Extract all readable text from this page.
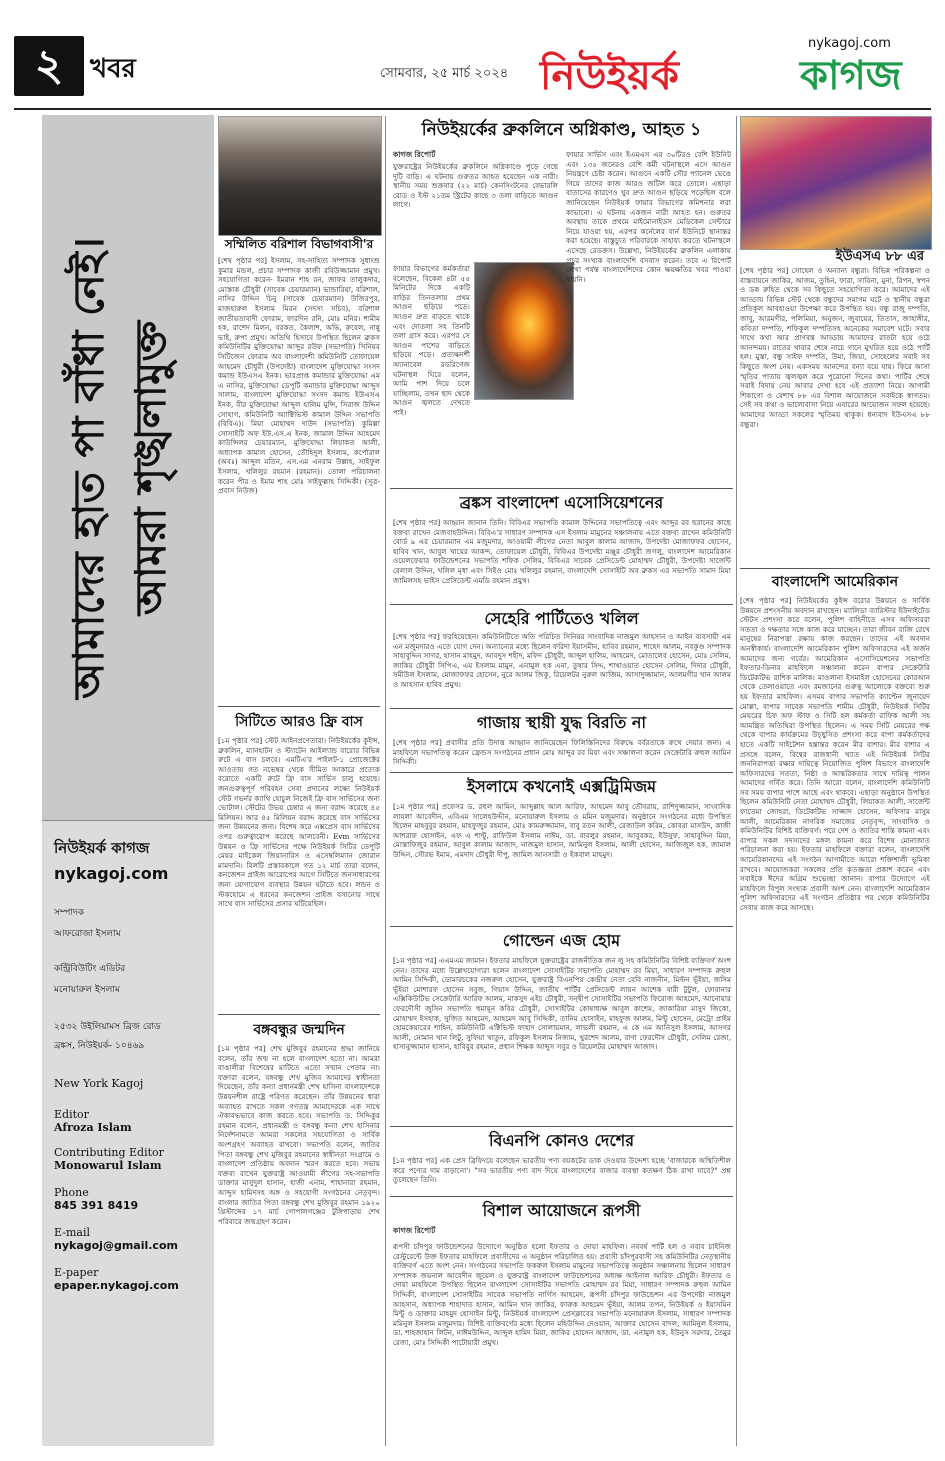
২	খবর	সোমবার, ২৫ মার্চ ২০২৪
nykagoj.com
নিউইয়র্ক	কাগজ
আমাদের হাত পা বাঁধা নেই। আমরা শৃঙ্খলামুক্ত
নিউইয়র্ক কাগজ
nykagoj.com
সম্পাদক
আফরোজা ইসলাম
কন্ট্রিবিউটিং এডিটর
মনোয়ারুল ইসলাম
২৫৩২ উইলিয়ামস ব্রিজ রোড
ব্রঙ্কস, নিউইয়র্ক- ১০৪৬৯
New York Kagoj
Editor
Afroza Islam
Contributing Editor
Monowarul Islam
Phone
845 391 8419
E-mail
nykagoj@gmail.com
E-paper
epaper.nykagoj.com
সম্মিলিত বরিশাল বিভাগবাসী'র

[শেষ পৃষ্ঠার পর] ইসলাম, সহ-সাহিত্য সম্পাদক সুধাংশু কুমার মন্ডল, প্রচার সম্পাদক কাজী রবিউজ্জামান প্রমুখ। সহযোগিতা করেন- ইমরান শাহ রন, জাফর তালুকদার, মোস্তাক চৌধুরী (সাবেক চেয়ারম্যান) ভান্ডারিয়া, বরিশাল, নাসির উদ্দিন চিনু (সাবেক চেয়ারম্যান) উজিরপুর, মাজহারুল ইসলাম মিরন (সদস্য সচিব), বরিশাল জাতীয়তাবাদী ফোরাম, ফারদিন রনি, মোঃ মনির। শামীম হক, রাশেদ মিলন, বরকত, কৈলাশ, অভি, রুবেল, নান্নু ভাই, রুপা প্রমুখ। অতিথি হিসাবে উপস্থিত ছিলেন ব্রুকস কমিউনিটির মুক্তিযোদ্ধা আব্দুর রউফ (সভাপতি) সিনিয়র সিটিজেন ফোরাম অব বাংলাদেশী কমিউনিটি তোফায়েল আহমেদ চৌধুরী (উপদেষ্টা) বাংলাদেশ মুক্তিযোদ্ধা সংসদ কমান্ড ইউএসএ ইনক। ভারপ্রাপ্ত কমান্ডার মুক্তিযোদ্ধা এম এ নাসির, মুক্তিযোদ্ধা ডেপুটি কমান্ডার মুক্তিযোদ্ধা আব্দুস সালাম, বাংলাদেশ মুক্তিযোদ্ধা সংসদ কমান্ড ইউএসএ ইনক, বীর মুক্তিযোদ্ধা আব্দুল হালিম মুন্সি, সিরাজ উদ্দিন সোহাগ, কমিউনিটি অ্যাক্টিভিস্ট কামাল উদ্দিন সভাপতি (বিবিএ)। মিয়া মোহাম্মদ দাউদ (সভাপতি) কুমিল্লা সোসাইটি অফ ইউ.এস.এ ইনক, জামাল উদ্দিন আহমেদ কাউন্সিলর চেয়ারম্যান, মুক্তিযোদ্ধা লিয়াকত আলী, অধ্যাপক কামাল হোসেন, তৌহিদুল ইসলাম, কর্পোরাল (অবঃ) আব্দুল মতিন, এস.এম এনরাম উল্লাহ, সাইফুল ইসলাম, খলিলুর রহমান (রহমান)। তোলা পরিচালনা করেন পীর ও ইমাম শাহ মোঃ সাইফুল্লাহ সিদ্দিকী। (সূত্র-প্রবাস নিউজ)

সিটিতে আরও ফ্রি বাস

[১ম পৃষ্ঠার পর] স্টেট আইনপ্রণেতারা। নিউইয়র্কের কুইন্স, ব্রুকলিন, ম্যানহাটন ও স্ট্যাটেন আইল্যান্ড বারোর বিভিন্ন রুটে এ বাস চলবে। এমটিএ'র পাইলট-১ প্রোজেক্টের আওতায় গত নভেম্বর থেকে সীমিত আকারে প্রত্যেক বরোতে একটি রুটে ফ্রি বাস সার্ভিস চালু হয়েছে। জনগুরুত্বপূর্ণ পরিবহন সেবা প্রদানের লক্ষ্যে নিউইয়র্ক স্টেট গভর্নর ক্যাথি হোচুল নিজেই ফ্রি বাস সার্ভিসের জন্য ভোটাল। স্টেটের উভয় চেম্বার এ জন্য বরাদ্দ করেছে ৪৫ মিলিয়ন। আর ৪৫ মিলিয়ন বরাদ্দ করেছে বাস সার্ভিসের জন্য উন্নয়নের জন্য। বিশেষ করে এক্সপ্রেস বাস সার্ভিসের ওপর গুরুত্বারোপ করেছে আলবেনী। Evm সার্ভিসের উন্নয়ন ও ফ্রি সার্ভিসের পক্ষে নিউইয়র্ক সিটির ডেপুটি মেয়র মাইকেল জিয়ানারিস ও এসেম্বলিম্যান জোরান মামদানি। বিলটি প্রস্তাবকালে গত ১২ মার্চ তারা বলেন, কনজেশন প্রাইজ আরোপের আগে সিটিতে জনসাধারণের জন্য যোগাযোগ ব্যবস্থার উন্নয়ন ঘটাতে হবে। লন্ডন ও স্টকহোমে এ ধরনের কনজেশন প্রাইজ বসানোর সাথে সাথে বাস সার্ভিসের প্রসার ঘটিয়েছিল।

বঙ্গবন্ধুর জন্মদিন

[১ম পৃষ্ঠার পর] শেখ মুজিবুর রহমানের শ্রদ্ধা জানিয়ে বলেন, তাঁর জন্ম না হলে বাংলাদেশ হতো না। আমরা বাঙালীরা বিশেষের মাটিতে এতো সম্মান পেতাম না। বক্তারা বলেন, বঙ্গবন্ধু শেখ মুজিব আমাদের স্বাধীনতা দিয়েছেন, তাঁর কন্যা প্রধানমন্ত্রী শেখ হাসিনা বাংলাদেশকে উন্নয়নশীল রাষ্ট্রে পরিণত করেছেন। তাঁর উন্নয়নের ধারা অব্যাহত রাখতে সকল গণতন্ত্র আমাদেরকে এক সাথে ঐক্যবদ্ধভাবে কাজ করতে হবে। সভাপতি ড. সিদ্দিকুর রহমান বলেন, প্রধানমন্ত্রী ও বঙ্গবন্ধু কন্যা শেখ হাসিনার নির্দেশনামতে আমরা সকলের সহযোগিতা ও সার্বিক অংশগ্রহণ অব্যাহত রাখবো। সভাপতি বলেন, জাতির পিতা বঙ্গবন্ধু শেখ মুজিবুর রহমানের স্বাধীনতা সংগ্রামে ও বাংলাদেশ প্রতিষ্ঠায় অবদান স্মরণ করতে হবে। সভায় বক্তব্য রাখেন যুক্তরাষ্ট্র আওয়ামী লীগের সহ-সভাপতি ডাক্তার মাসুদুল হাসান, হাজী এনাম, শাহানারা রহমান, আব্দুস হামিদসহ অঙ্গ ও সহযোগী সংগঠনের নেতৃবৃন্দ। বাংলার জাতির পিতা বঙ্গবন্ধু শেখ মুজিবুর রহমান ১৯২০ খ্রিস্টাব্দের ১৭ মার্চ গোপালগঞ্জের টুঙ্গিপাড়ায় শেখ পরিবারে জন্মগ্রহণ করেন।

নিউইয়র্কের ব্রুকলিনে অগ্নিকাণ্ড, আহত ১
কাগজ রিপোর্ট

যুক্তরাষ্ট্রের নিউইয়র্কের ব্রুকলিনে অগ্নিকাণ্ডে পুড়ে গেছে দুটি বাড়ি। এ ঘটনায় গুরুতর আহত হয়েছেন এক নারী। স্থানীয় সময় শুক্রবার (২২ মার্চ) কেনসিংটনের বেভারলি রোড ও ইস্ট ২১তম স্ট্রিটের কাছে ৩ তলা বাড়িতে আগুন লাগে।

ফায়ার বিভাগের কর্মকর্তারা বলেছেন, বিকেল ৪টা ৫৫ মিনিটের দিকে একটি বাড়ির তিনতলায় প্রথম আগুন ছড়িয়ে পড়ে। আগুন দ্রুত বাড়তে থাকে এবং দোতলা সহ তিনটি তলা গ্রাস করে। এরপর সে আগুন পাশের বাড়িতে ছড়িয়ে পড়ে। প্রত্যক্ষদর্শী অ্যানাবেল রডরিগেজ ঘটনাস্থল ঘিরে বলেন, আমি পাশ দিয়ে চলে যাচ্ছিলাম, তখন ছাদ থেকে আগুন জ্বলতে দেখতে পাই।

ফায়ার সার্ভিস এবং ইএমএস এর ৩০টিরও বেশি ইউনিট এবং ১৩৫ জনেরও বেশি কর্মী ঘটনাস্থলে এসে আগুন নিয়ন্ত্রণে চেষ্টা করেন। আগুনে একটি সৌর প্যানেল ভেঙে গিয়ে তাদের কাজ আরও জটিল করে তোলে। এছাড়া বাতাসের কারণেও খুব দ্রুত আগুন ছড়িয়ে পড়েছিল বলে জানিয়েছেন নিউইয়র্ক ফায়ার বিভাগের কমিশনার লরা কাভানো। এ ঘটনায় একজন নারী আহত হন। গুরুতর অবস্থায় তাকে প্রথমে মাইমোনাইডস মেডিকেল সেন্টারে নিয়ে যাওয়া হয়, এরপর কর্নেলের বার্ন ইউনিটে স্থানান্তর করা হয়েছে। বাস্তুচ্যুত পরিবারকে সাহায্য করতে ঘটনাস্থলে এসেছে রেডক্রস। উল্লেখ্য, নিউইয়র্কের ব্রুকলিন এলাকায় প্রচুর সংখ্যক বাংলাদেশি বসবাস করেন। তবে এ রিপোর্ট লেখা পর্যন্ত বাংলাদেশিদের কোন ক্ষয়ক্ষতির খবর পাওয়া যায়নি।

ব্রঙ্কস বাংলাদেশ এসোসিয়েশনের

[শেষ পৃষ্ঠার পর] আহ্বান জানান তিনি। বিবিএর সভাপতি কামাল উদ্দিনের সভাপতিত্বে এবং আব্দুর রব ছরানের কাছে বক্তব্য রাখেন মেজবাহউদ্দিন। বিবিএ'র সাধারণ সম্পাদক এস ইসলাম মামুনের সঞ্চালনায় এতে বক্তব্য রাখেন কমিউনিটি বোর্ড ৯ এর চেয়ারম্যান এম মজুমদার, আওয়ামী লীগের নেতা আবুল কালাম আজাদ, উপদেষ্টা মোজাফফর হোসেন, হাবিব খান, আবুল খায়ের আকন্দ, তোফায়েল চৌধুরী, বিবিএর উপদেষ্টা মঞ্জুর চৌধুরী জগলু, বাংলাদেশ আমেরিকান ওয়েলফেয়ার ফাউন্ডেশনের সভাপতি শফিক সেলিম, বিবিএর সাবেক প্রেসিডেন্ট মোহাম্মদ চৌধুরী, উপদেষ্টা সার্জেন্ট বেলাল উদ্দিন, খলিল মৃধা এবং সিইও মোঃ খলিলুর রহমান, বাংলাদেশি সোসাইটি অব ব্রুকস এর সভাপতি সামাদ মিয়া জামিলসহ ভাইস প্রেসিডেন্ট এমডি রহমান প্রমুখ।

সেহেরি পার্টিতেও খলিল

[শেষ পৃষ্ঠার পর] ফরহিয়েছেন। কমিউনিটিতে অতি পরিচিত সিনিয়র সাংবাদিক নাজমুল আহসান ও আইন ব্যবসায়ী এম এন মজুমদারও এতে যোগ দেন। অন্যান্যের মধ্যে ছিলেন ফরিদা ইয়াসমীন, হাবিব রহমান, শাহেদ আলম, নবকুণ্ড সম্পাদক সাহাবুদ্দিন সাগর, হাসান মাহমুদ, আবদুস শহীদ, মফিদ চৌধুরী, আব্দুল হালিম, আহমেদ, মোতালেব হোসেন, মোঃ সেলিম, জাকির চৌধুরী সিপিএ, এম ইসলাম মামুন, এনামুল হক এনা, তুষার সিদ্দ, শাখাওয়াত হোসেন সেলিম, দিদার চৌধুরী, সমীউল ইসলাম, মোজাফফর হোসেন, নুরে আলম জিকু, রিয়েলটর নুরুল আজিম, আসাদুজ্জামান, আলমগীর খান আলম ও আহসান হাবিব প্রমুখ।

গাজায় স্থায়ী যুদ্ধ বিরতি না

[শেষ পৃষ্ঠার পর] প্রবাসীর প্রতি উদাত্ত আহ্বান জানিয়েছেন ফিলিস্তিনিদের বিরুদ্ধে বর্বরতাকে রুখে দেয়ার জন্য। এ মাহফিলে সভাপতিত্ব করেন ফ্রেন্ডস সংগঠনের প্রধান মোঃ আব্দুর রব মিয়া এবং সঞ্চালনা করেন সেক্রেটারি রুহুল আমিন সিদ্দিকী।

ইসলামে কখনোই এক্সট্রিমিজম

[১ম পৃষ্ঠার পর] প্রফেসর ড. রহুল আমিন, আব্দুল্লাহ আল আরিফ, আহমেদ আবু তৌবরায়, রাশিদুজ্জামান, সাংবাদিক লায়লা আবেদীন, এবিএম সালেহউদ্দীন, মনোয়ারুল ইসলাম ও মমিন মজুমদার। অনুষ্ঠানে সংগঠনের মধ্যে উপস্থিত ছিলেন মাহবুবুর রহমান, মাহফুজুর রহমান, মোঃ কামরুজ্জামান, বাবু রতন আলী, রেজাউল করিম, কোবরা মাসউদ, কাজী আশরাফ হোসাইন, এফ এ শান্টু, রাফিউল ইসলাম নাঈম, ডা. বাবলুর রহমান, আবুবকর, ইউসুফ, সাহাবুদ্দিন মিয়া, মোস্তাফিজুর রহমান, আবুল কালাম আজাদ, নাজমুল হাসান, আমিনুল ইসলাম, আলী হোসেন, আজিজুল হক, জামাল উদ্দিন, সৌরভ ইমাম, এমদাদ চৌধুরী দীপু, জামিল আনসারী ও ইকবাল মাহমুদ।

গোল্ডেন এজ হোম

[১ম পৃষ্ঠার পর] এএমএম জামান। ইফতার মাহফিলে যুক্তরাষ্ট্রের রাজনীতিক জন লু সহ কমিউনিটির বিশিষ্ট ব্যক্তিবর্গ অংশ নেন। তাদের মধ্যে উল্লেখযোগ্যরা হলেন বাংলাদেশ সোসাইটির সভাপতি মোহাম্মদ রব মিয়া, সাধারণ সম্পাদক রুহুল আমিন সিদ্দিকী, ডোমারচকের নজরুল হোসেন, যুক্তরাষ্ট্র বিএনপির কেন্দ্রীয় নেতা বেবি নাজনীন, মিল্টন ভূঁইয়া, জসিম ভূঁইয়া মোশারফ হোসেন সবুজ, গিয়াস উদ্দিন, জাতীয় পার্টির প্রেসিডেন্ট লায়ন আশেক বারী টুটুল, ফোবানার এক্সিকিউটিভ সেক্রেটারি আরিফ আলম, মাকসুদ এইচ চৌধুরী, সন্দ্বীপ সোসাইটির সভাপতি ফিরোজ আহমেদ, আনোয়ার ফেরদৌসী জুসিন সভাপতি হুমায়ূন কবির চৌধুরী, সোসাইটির কোষাধ্যক্ষ আবুল কাশেম, জাকারিয়া মাসুদ জিকো, মোহাম্মদ ইসহাক, সুজিত আহমেদ, আহমেদ আবু সিদ্দিকী, তানিম হোসাইন, মাহফুজ আলম, মিন্টু হোসেন, মেট্রো প্রাইম হোমকেয়ারের শাহিন, কমিউনিটি এক্টিভিস্ট ফাহাদ সোলায়মান, লাভলী রহমান, এ কে এম আনিসুল ইসলাম, আসগর আলী, নোমান খান লিটু, সুফিয়া খাতুন, রফিকুল ইসলাম নিজাম, খুরশেদ আলম, রাণা ফেরদৌস চৌধুরী, সেলিম রেজা, হাসানুজ্জামান হাসান, হাবিবুর রহমান, প্রধান শিক্ষক আব্দুস সবুর ও রিয়েলটর মোহাম্মদ আজাদ।

বিএনপি কোনও দেশের

[১ম পৃষ্ঠার পর] এক প্রেস ব্রিফিংয়ে বলেছেন ভারতীয় পণ্য বয়কটের ডাক দেওয়ার উদ্দেশ্য হচ্ছে 'বাজারকে অস্থিতিশীল করে পণ্যের দাম বাড়ানো'। "সব ভারতীয় পণ্য বাদ দিয়ে বাংলাদেশের বাজার ব্যবস্থা কতক্ষণ ঠিক রাখা যাবে?" প্রশ্ন তুলেছেন তিনি।

বিশাল আয়োজনে রূপসী
কাগজ রিপোর্ট

রূপসী চাঁদপুর ফাউন্ডেশনের উদ্যোগে অনুষ্ঠিত হলো ইফতার ও দোয়া মাহফিল। নববর্ষ পার্টি হল ও নবাব চাইনিজ রেস্টুরেন্টে উক্ত ইফতার মাহফিলে প্রবাসীদের এ অনুষ্ঠান পরিচালিত হয়। প্রবাসী চাঁদপুরবাসী সহ কমিউনিটির নেতৃস্থানীয় ব্যক্তিবর্গ এতে অংশ নেন। সংগঠনের সভাপতি ফকরুল ইসলাম মামুনের সভাপতিত্বে অনুষ্ঠান সঞ্চালনায় ছিলেন সাধারণ সম্পাদক জয়নাল আবেদীন জুয়েল ও যুক্তরাষ্ট্র বাংলাদেশ ফাউন্ডেশনের অধ্যক্ষ আইনাল আরিফ চৌধুরী। ইফতার ও দোয়া মাহফিলে উপস্থিত ছিলেন বাংলাদেশ সোসাইটির সভাপতি মোহাম্মদ রব মিয়া, সাধারণ সম্পাদক রুহুল আমিন সিদ্দিকী, বাংলাদেশ সোসাইটির সাবেক সভাপতি নার্গিস আহমেদ, রূপসী চাঁদপুর ফাউন্ডেশন এর উপদেষ্টা নাজমুল আহসান, অধ্যাপক শাহাদাত হাসান, আমিন খান জাকির, ফারুক আহমেদ ভূঁইয়া, আলম তপন, নিউইয়র্ক ও ইয়াসমিন মিন্টু ও ডাক্তার মাহমুদ হোসাইন মিন্টু, নিউইয়র্ক বাংলাদেশ প্রেসক্লাবের সভাপতি মনোয়ারুল ইসলাম, সাধারণ সম্পাদক মমিনুল ইসলাম মজুমদার। বিশিষ্ট ব্যক্তিবর্গের মধ্যে ছিলেন মহিউদ্দিন দেওয়ান, আক্তার হোসেন বাদল, আমিনুল ইসলাম, ডা. শাহজাহান লিটন, নাঈমউদ্দিন, আব্দুল হামিদ মিয়া, জাকির হোসেন আজাদ, ডা. এনামুল হক, ইউনুস সরদার, তৈমুর রেজা, মোঃ সিদ্দিকী পাটোয়ারী প্রমুখ।

ইউএসএ ৮৮ এর

[শেষ পৃষ্ঠার পর] সোহেল ও অন্যান্য বন্ধুরা। বিভিন্ন পরিকল্পনা ও বাস্তবায়নে জাকির, আজম, তুহিন, ফারা, সাবিনা, মুনা, রিপন, স্বপন ও ডক রুহিত থেকে সব কিছুতে সহযোগিতা করে। আমাদের এই আড্ডায় বিভিন্ন স্টেট থেকে বন্ধুদের সমাগম ঘটে ও স্থানীয় বন্ধুরা প্রতিকূল আবহাওয়া উপেক্ষা করে উপস্থিত হয়। বন্ধু রাজু দম্পতি, জাবু, আরমগীর, পলিমিয়া, অনুজন, জুবায়ের, তিতাস, জাহাঙ্গীর, কবিতা দম্পতি, শফিকুল দম্পতিসহ অনেকের সমাবেশ ঘটে। সবার সাথে কথা আর প্রাণবন্ত আড্ডায় আমাদের রাতটা হয়ে ওঠে আনন্দময়। রাতের খাবার শেষে নাচে গানে মুখরিত হয়ে ওঠে পার্টি হল। মুস্তা, বন্ধু সাইফ দম্পতি, উমা, জিয়া, সোহেলের সবাই সব কিছুতে অংশ নেয়। একসময় আনন্দের বন্যা বয়ে যায়। ফিরে আসা স্মৃতির পাতায় জ্বলজ্বল করে পুরোনো দিনের কথা। পার্টির শেষে সবাই বিদায় নেয় আবার দেখা হবে এই প্রত্যাশা নিয়ে। আগামী শিকাগো ও বেশাখ ৮৮ এর বিশাল আয়োজনে সবাইকে স্বাগতম। সেই সব কথা ও ভালোবাসা নিয়ে এবারের আয়োজন সফল হয়েছে। আমাদের আড্ডা সকলের স্মৃতিময় থাকুক। ধন্যবাদ ইউএসএ ৮৮ বন্ধুরা।

বাংলাদেশি আমেরিকান

[শেষ পৃষ্ঠার পর] নিউইয়র্কের কুইন্স বরোর উন্নয়নে ও সার্বিক উন্নয়নে প্রশংসনীয় অবদান রাখছেন। ম্যালিডা ব্যারিস্টার ইউনাইটেড স্টেটস প্রশংসা করে বলেন, পুলিশ বাহিনীতে এসব অফিসাররা সততা ও দক্ষতার সঙ্গে কাজ করে যাচ্ছেন। তারা জীবন বাজি রেখে মানুষের নিরাপত্তা রক্ষায় কাজ করছেন। তাদের এই অবদান অনস্বীকার্য। বাংলাদেশি আমেরিকান পুলিশ অফিসারদের এই অর্জন আমাদের জন্য গর্বের। আমেরিকান এসোসিয়েশনের সভাপতি ইফতার-ডিনার মাহফিলে সঞ্চালনা করেন বাপার সেক্রেটারি ডিটেকটিভ রাশিক মালিক। মাওলানা ইসমাইল হোসেনের কোরআন থেকে তেলাওয়াতে এবং রমজানের গুরুত্ব আলোকে বক্তব্যে শুরু হয় ইফতার মাহফিল। এসময় বাপার সভাপতি ক্যাপ্টেন জুনায়েদ মোল্লা, বাপার সাবেক সভাপতি শামীম চৌধুরী, নিউইয়র্ক সিটির মেয়রের চিফ অফ স্টাফ ও সিটি হল কর্মকর্তা রাফিক আলী সহ আমন্ত্রিত অতিথিরা উপস্থিত ছিলেন। এ সময় সিটি মেয়রের পক্ষ থেকে বাপার কার্যক্রমের উচ্ছ্বসিত প্রশংসা করে বাপা কর্মকর্তাদের হাতে একটি সাইটেশন হস্তান্তর করেন মীর বাশার। মীর বাশার এ প্রসঙ্গে বলেন, বিশ্বের রাজধানী খ্যাত এই নিউইয়র্ক সিটির জননিরাপত্তা রক্ষার দায়িত্বে নিয়োজিত পুলিশ বিভাগে বাংলাদেশি অফিসারদের সততা, নিষ্ঠা ও আন্তরিকতার সাথে দায়িত্ব পালন আমাদের গর্বিত করে। তিনি আরো বলেন, বাংলাদেশি কমিউনিটি সব সময় বাপার পাশে আছে এবং থাকবে। এছাড়া অনুষ্ঠানে উপস্থিত ছিলেন কমিউনিটি নেতা মোহাম্মদ চৌধুরী, লিয়াকত আলী, সার্জেন্ট ফাতেমা জোহরা, ডিটেকটিভ সাজ্জাদ হোসেন, অফিসার মাসুম আলী, আমেরিকান নাগরিক সমাজের নেতৃবৃন্দ, সাংবাদিক ও কমিউনিটির বিশিষ্ট ব্যক্তিবর্গ। পরে দেশ ও জাতির শান্তি কামনা এবং বাপার সকল সদস্যদের মঙ্গল কামনা করে বিশেষ মোনাজাত পরিচালনা করা হয়। ইফতার মাহফিলে বক্তারা বলেন, বাংলাদেশি আমেরিকানদের এই সংগঠন আগামীতে আরো শক্তিশালী ভূমিকা রাখবে। আয়োজকরা সকলের প্রতি কৃতজ্ঞতা প্রকাশ করেন এবং সবাইকে ঈদের অগ্রিম শুভেচ্ছা জানান। বাপার উদ্যোগে এই মাহফিলে বিপুল সংখ্যক প্রবাসী অংশ নেন। বাংলাদেশি আমেরিকান পুলিশ অফিসারদের এই সংগঠন প্রতিষ্ঠার পর থেকে কমিউনিটির সেবায় কাজ করে আসছে।
